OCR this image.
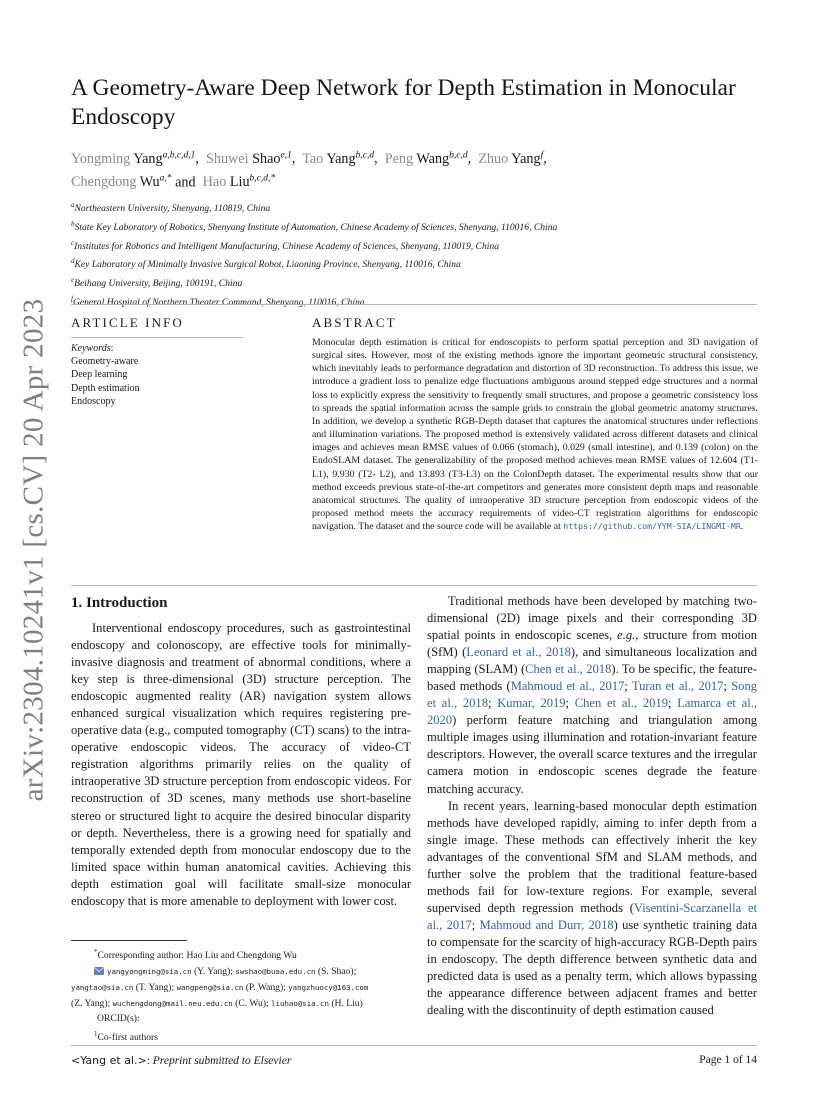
arXiv:2304.10241v1 [cs.CV] 20 Apr 2023
A Geometry-Aware Deep Network for Depth Estimation in Monocular Endoscopy
Yongming Yang$^{a,b,c,d,1}$,  Shuwei Shao$^{e,1}$,  Tao Yang$^{b,c,d}$,  Peng Wang$^{b,c,d}$,  Zhuo Yang$^f$,
Chengdong $Wu^{a,*}$ and Hao Liu$^{b,c,d,*}$
$^a$Northeastern University, Shenyang, 110819, China
$^b$State Key Laboratory of Robotics, Shenyang Institute of Automation, Chinese Academy of Sciences, Shenyang, 110016, China
$^c$Institutes for Robotics and Intelligent Manufacturing, Chinese Academy of Sciences, Shenyang, 110019, China
$^d$Key Laboratory of Minimally Invasive Surgical Robot, Liaoning Province, Shenyang, 110016, China
$^e$Beihang University, Beijing, 100191, China
$^f$General Hospital of Northern Theater Command, Shenyang, 110016, China
ARTICLE INFO
Keywords:
Geometry-aware
Deep learning
Depth estimation
Endoscopy
ABSTRACT
Monocular depth estimation is critical for endoscopists to perform spatial perception and 3D navigation of surgical sites. However, most of the existing methods ignore the important geometric structural consistency, which inevitably leads to performance degradation and distortion of 3D reconstruction. To address this issue, we introduce a gradient loss to penalize edge fluctuations ambiguous around stepped edge structures and a normal loss to explicitly express the sensitivity to frequently small structures, and propose a geometric consistency loss to spreads the spatial information across the sample grids to constrain the global geometric anatomy structures. In addition, we develop a synthetic RGB-Depth dataset that captures the anatomical structures under reflections and illumination variations. The proposed method is extensively validated across different datasets and clinical images and achieves mean RMSE values of 0.066 (stomach), 0.029 (small intestine), and 0.139 (colon) on the EndoSLAM dataset. The generalizability of the proposed method achieves mean RMSE values of 12.604 (T1-L1), 9.930 (T2- L2), and 13.893 (T3-L3) on the ColonDepth dataset. The experimental results show that our method exceeds previous state-of-the-art competitors and generates more consistent depth maps and reasonable anatomical structures. The quality of intraoperative 3D structure perception from endoscopic videos of the proposed method meets the accuracy requirements of video-CT registration algorithms for endoscopic navigation. The dataset and the source code will be available at https://github.com/YYM-SIA/LINGMI-MR.
1. Introduction

Interventional endoscopy procedures, such as gastrointestinal endoscopy and colonoscopy, are effective tools for minimally-invasive diagnosis and treatment of abnormal conditions, where a key step is three-dimensional (3D) structure perception. The endoscopic augmented reality (AR) navigation system allows enhanced surgical visualization which requires registering pre-operative data (e.g., computed tomography (CT) scans) to the intra-operative endoscopic videos. The accuracy of video-CT registration algorithms primarily relies on the quality of intraoperative 3D structure perception from endoscopic videos. For reconstruction of 3D scenes, many methods use short-baseline stereo or structured light to acquire the desired binocular disparity or depth. Nevertheless, there is a growing need for spatially and temporally extended depth from monocular endoscopy due to the limited space within human anatomical cavities. Achieving this depth estimation goal will facilitate small-size monocular endoscopy that is more amenable to deployment with lower cost.

Traditional methods have been developed by matching two-dimensional (2D) image pixels and their corresponding 3D spatial points in endoscopic scenes, e.g., structure from motion (SfM) (Leonard et al., 2018), and simultaneous localization and mapping (SLAM) (Chen et al., 2018). To be specific, the feature-based methods (Mahmoud et al., 2017; Turan et al., 2017; Song et al., 2018; Kumar, 2019; Chen et al., 2019; Lamarca et al., 2020) perform feature matching and triangulation among multiple images using illumination and rotation-invariant feature descriptors. However, the overall scarce textures and the irregular camera motion in endoscopic scenes degrade the feature matching accuracy.

In recent years, learning-based monocular depth estimation methods have developed rapidly, aiming to infer depth from a single image. These methods can effectively inherit the key advantages of the conventional SfM and SLAM methods, and further solve the problem that the traditional feature-based methods fail for low-texture regions. For example, several supervised depth regression methods (Visentini-Scarzanella et al., 2017; Mahmoud and Durr, 2018) use synthetic training data to compensate for the scarcity of high-accuracy RGB-Depth pairs in endoscopy. The depth difference between synthetic data and predicted data is used as a penalty term, which allows bypassing the appearance difference between adjacent frames and better dealing with the discontinuity of depth estimation caused

*Corresponding author: Hao Liu and Chengdong Wu
yangyongming@sia.cn (Y. Yang); swshao@buaa.edu.cn (S. Shao);
yangtao@sia.cn (T. Yang); wangpeng@sia.cn (P. Wang); yangzhuocy@163.com
(Z. Yang); wuchengdong@mail.neu.edu.cn (C. Wu); liuhao@sia.cn (H. Liu)
ORCID(s):
$^1$Co-first authors
<Yang et al.>: Preprint submitted to Elsevier	Page 1 of 14
